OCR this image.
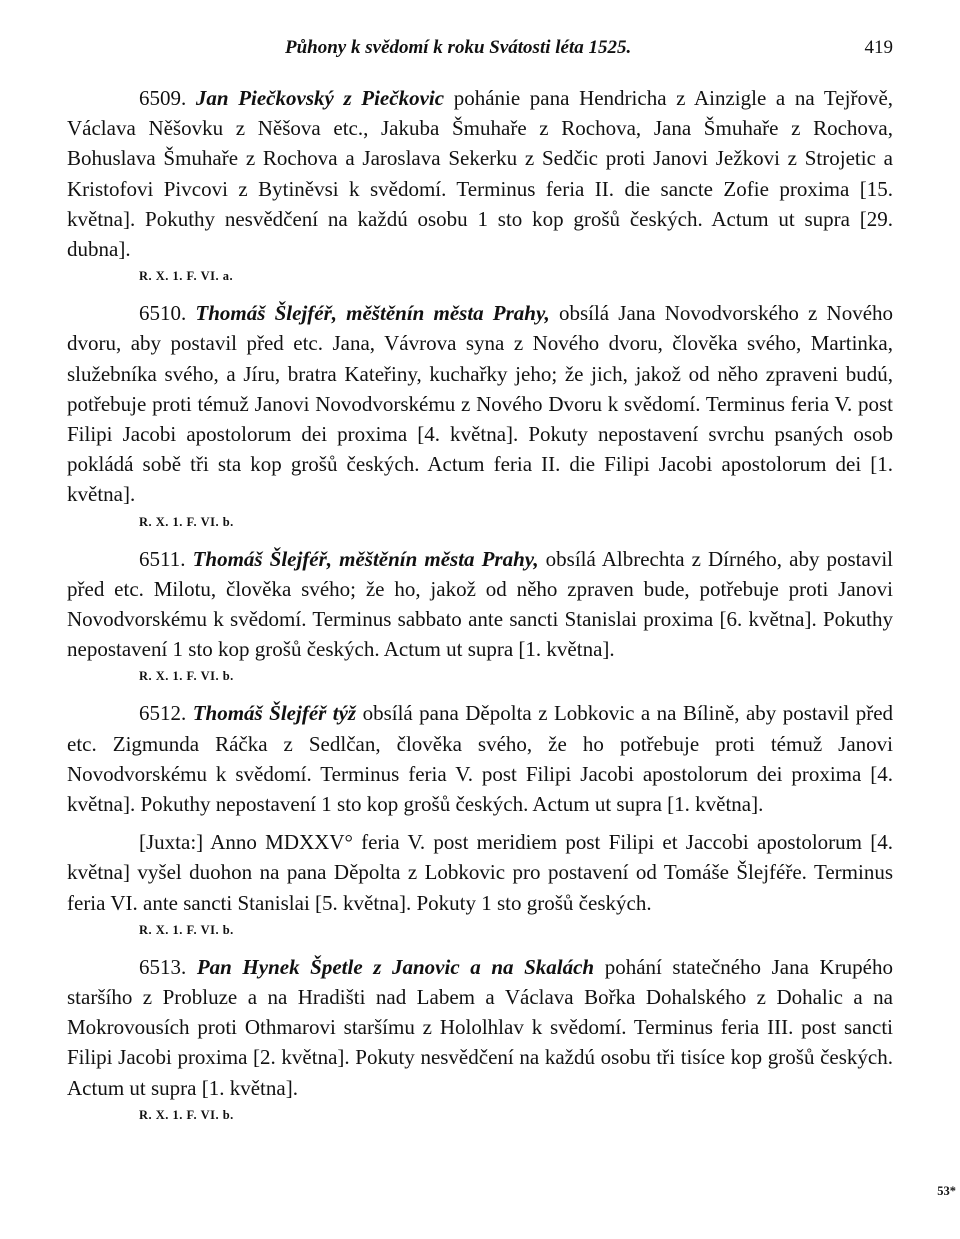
Půhony k svědomí k roku Svátosti léta 1525.	419

6509. Jan Piečkovský z Piečkovic pohánie pana Hendricha z Ainzigle a na Tejřově, Václava Něšovku z Něšova etc., Jakuba Šmuhaře z Rochova, Jana Šmuhaře z Rochova, Bohuslava Šmuhaře z Rochova a Jaroslava Sekerku z Sedčic proti Janovi Ježkovi z Strojetic a Kristofovi Pivcovi z Bytiněvsi k svědomí. Terminus feria II. die sancte Zofie proxima [15. května]. Pokuthy nesvědčení na každú osobu 1 sto kop grošů českých. Actum ut supra [29. dubna].

R. X. 1. F. VI. a.

6510. Thomáš Šlejféř, měštěnín města Prahy, obsílá Jana Novodvorského z Nového dvoru, aby postavil před etc. Jana, Vávrova syna z Nového dvoru, člověka svého, Martinka, služebníka svého, a Jíru, bratra Kateřiny, kuchařky jeho; že jich, jakož od něho zpraveni budú, potřebuje proti témuž Janovi Novodvorskému z Nového Dvoru k svědomí. Terminus feria V. post Filipi Jacobi apostolorum dei proxima [4. května]. Pokuty nepostavení svrchu psaných osob pokládá sobě tři sta kop grošů českých. Actum feria II. die Filipi Jacobi apostolorum dei [1. května].

R. X. 1. F. VI. b.

6511. Thomáš Šlejféř, měštěnín města Prahy, obsílá Albrechta z Dírného, aby postavil před etc. Milotu, člověka svého; že ho, jakož od něho zpraven bude, potřebuje proti Janovi Novodvorskému k svědomí. Terminus sabbato ante sancti Stanislai proxima [6. května]. Pokuthy nepostavení 1 sto kop grošů českých. Actum ut supra [1. května].

R. X. 1. F. VI. b.

6512. Thomáš Šlejféř týž obsílá pana Děpolta z Lobkovic a na Bílině, aby postavil před etc. Zigmunda Ráčka z Sedlčan, člověka svého, že ho potřebuje proti témuž Janovi Novodvorskému k svědomí. Terminus feria V. post Filipi Jacobi apostolorum dei proxima [4. května]. Pokuthy nepostavení 1 sto kop grošů českých. Actum ut supra [1. května].

[Juxta:] Anno MDXXV° feria V. post meridiem post Filipi et Jaccobi apostolorum [4. května] vyšel duohon na pana Děpolta z Lobkovic pro postavení od Tomáše Šlejféře. Terminus feria VI. ante sancti Stanislai [5. května]. Pokuty 1 sto grošů českých.

R. X. 1. F. VI. b.

6513. Pan Hynek Špetle z Janovic a na Skalách pohání statečného Jana Krupého staršího z Probluze a na Hradišti nad Labem a Václava Bořka Dohalského z Dohalic a na Mokrovousích proti Othmarovi staršímu z Hololhlav k svědomí. Terminus feria III. post sancti Filipi Jacobi proxima [2. května]. Pokuty nesvědčení na každú osobu tři tisíce kop grošů českých. Actum ut supra [1. května].

R. X. 1. F. VI. b.
53*
